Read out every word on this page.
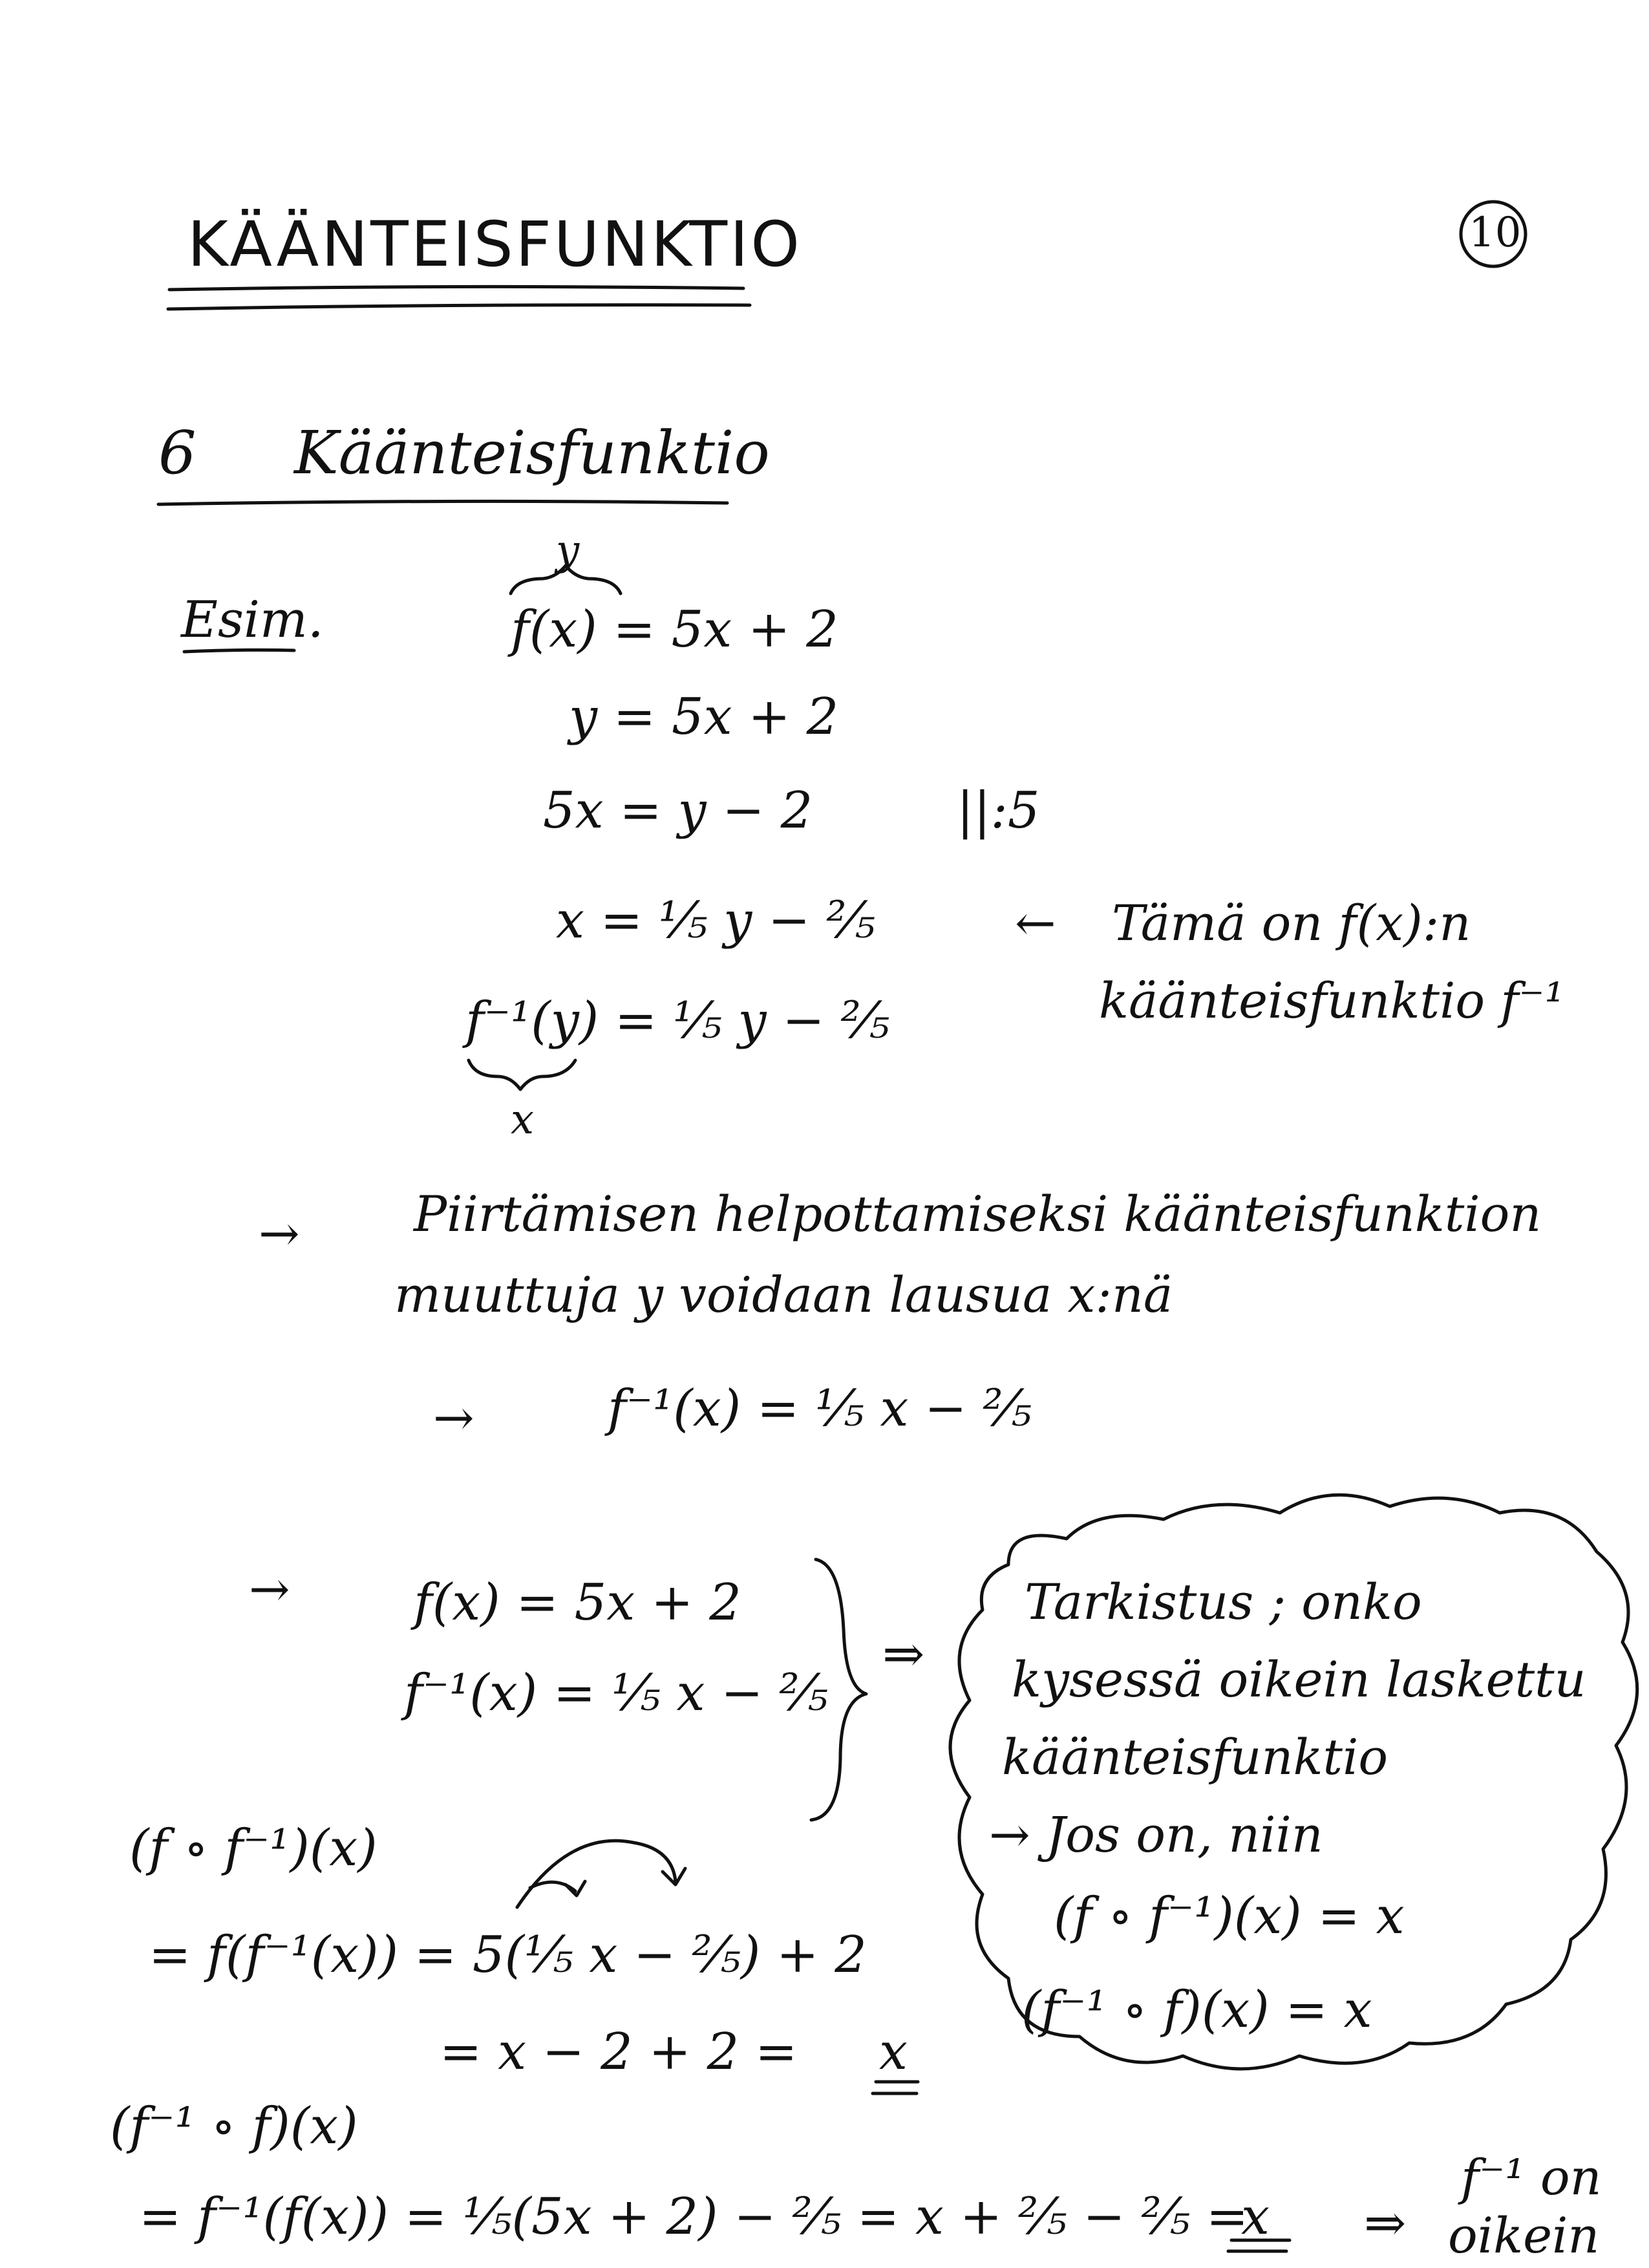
KÄÄNTEISFUNKTIO	10
6 Käänteisfunktio
Esim.
y
f(x) = 5x + 2
y = 5x + 2
5x = y − 2	||:5
x = ¹⁄₅ y − ²⁄₅
f⁻¹(y) = ¹⁄₅ y − ²⁄₅
x
← Tämä on f(x):n
käänteisfunktio f⁻¹
→ Piirtämisen helpottamiseksi käänteisfunktion
muuttuja y voidaan lausua x:nä
→	f⁻¹(x) = ¹⁄₅ x − ²⁄₅
→ f(x) = 5x + 2
f⁻¹(x) = ¹⁄₅ x − ²⁄₅
⇒
Tarkistus ; onko
kysessä oikein laskettu
käänteisfunktio
→ Jos on, niin
(f ∘ f⁻¹)(x) = x
(f⁻¹ ∘ f)(x) = x
(f ∘ f⁻¹)(x)
= f(f⁻¹(x)) = 5(¹⁄₅ x − ²⁄₅) + 2
= x − 2 + 2 = x
(f⁻¹ ∘ f)(x)
= f⁻¹(f(x)) = ¹⁄₅(5x + 2) − ²⁄₅ = x + ²⁄₅ − ²⁄₅ =
x ⇒
f⁻¹ on
oikein
